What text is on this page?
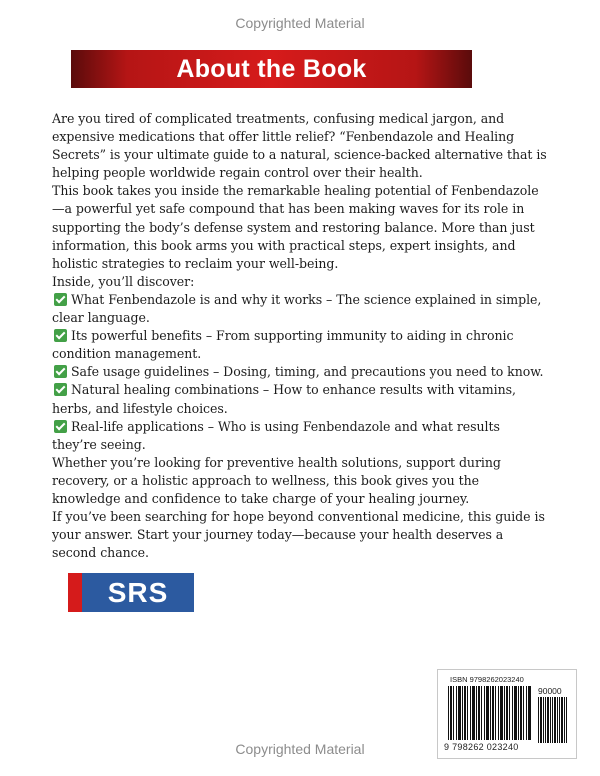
Copyrighted Material
About the Book

Are you tired of complicated treatments, confusing medical jargon, and expensive medications that offer little relief? “Fenbendazole and Healing Secrets” is your ultimate guide to a natural, science-backed alternative that is helping people worldwide regain control over their health.

This book takes you inside the remarkable healing potential of Fenbendazole—a powerful yet safe compound that has been making waves for its role in supporting the body’s defense system and restoring balance. More than just information, this book arms you with practical steps, expert insights, and holistic strategies to reclaim your well-being.

Inside, you’ll discover:

What Fenbendazole is and why it works – The science explained in simple, clear language.

Its powerful benefits – From supporting immunity to aiding in chronic condition management.

Safe usage guidelines – Dosing, timing, and precautions you need to know.

Natural healing combinations – How to enhance results with vitamins, herbs, and lifestyle choices.

Real-life applications – Who is using Fenbendazole and what results they’re seeing.

Whether you’re looking for preventive health solutions, support during recovery, or a holistic approach to wellness, this book gives you the knowledge and confidence to take charge of your healing journey.

If you’ve been searching for hope beyond conventional medicine, this guide is your answer. Start your journey today—because your health deserves a second chance.

SRS
ISBN 9798262023240
90000
9 798262 023240
Copyrighted Material
